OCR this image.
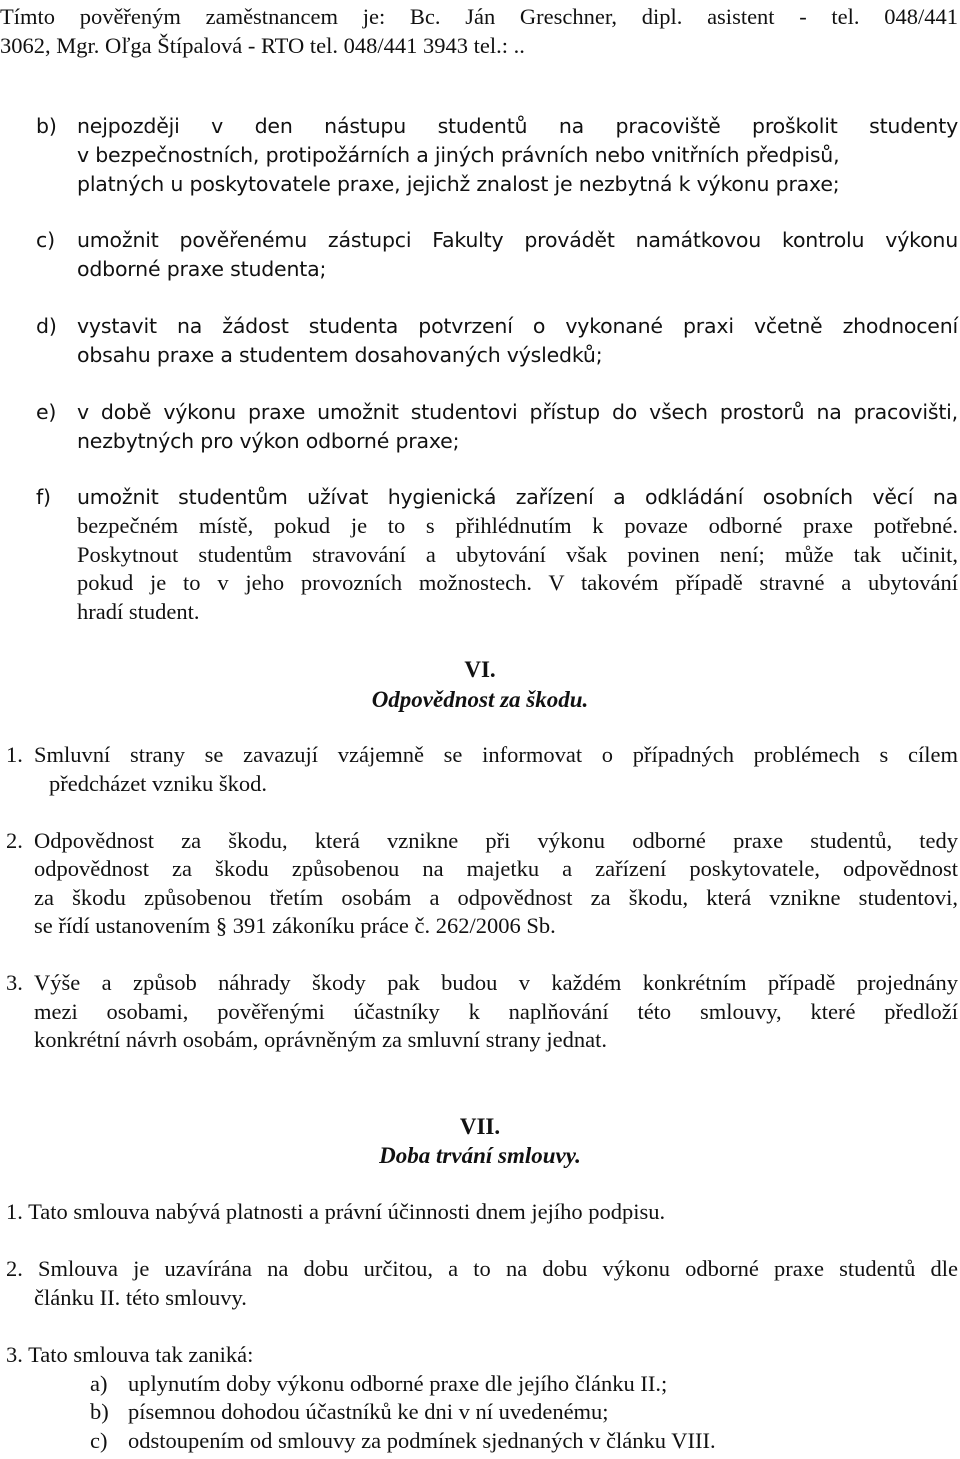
Tímto pověřeným zaměstnancem je: Bc. Ján Greschner, dipl. asistent - tel. 048/441
3062, Mgr. Oľga Štípalová - RTO tel. 048/441 3943 tel.: ..
b) nejpozději v den nástupu studentů na pracoviště proškolit studenty
v bezpečnostních, protipožárních a jiných právních nebo vnitřních předpisů,
platných u poskytovatele praxe, jejichž znalost je nezbytná k výkonu praxe;
c) umožnit pověřenému zástupci Fakulty provádět namátkovou kontrolu výkonu
odborné praxe studenta;
d) vystavit na žádost studenta potvrzení o vykonané praxi včetně zhodnocení
obsahu praxe a studentem dosahovaných výsledků;
e) v době výkonu praxe umožnit studentovi přístup do všech prostorů na pracovišti,
nezbytných pro výkon odborné praxe;
f) umožnit studentům užívat hygienická zařízení a odkládání osobních věcí na
bezpečném místě, pokud je to s přihlédnutím k povaze odborné praxe potřebné.
Poskytnout studentům stravování a ubytování však povinen není; může tak učinit,
pokud je to v jeho provozních možnostech. V takovém případě stravné a ubytování
hradí student.
VI.
Odpovědnost za škodu.
1. Smluvní strany se zavazují vzájemně se informovat o případných problémech s cílem
předcházet vzniku škod.
2. Odpovědnost za škodu, která vznikne při výkonu odborné praxe studentů, tedy
odpovědnost za škodu způsobenou na majetku a zařízení poskytovatele, odpovědnost
za škodu způsobenou třetím osobám a odpovědnost za škodu, která vznikne studentovi,
se řídí ustanovením § 391 zákoníku práce č. 262/2006 Sb.
3. Výše a způsob náhrady škody pak budou v každém konkrétním případě projednány
mezi osobami, pověřenými účastníky k naplňování této smlouvy, které předloží
konkrétní návrh osobám, oprávněným za smluvní strany jednat.
VII.
Doba trvání smlouvy.
1. Tato smlouva nabývá platnosti a právní účinnosti dnem jejího podpisu.
2. Smlouva je uzavírána na dobu určitou, a to na dobu výkonu odborné praxe studentů dle
článku II. této smlouvy.
3. Tato smlouva tak zaniká:
a) uplynutím doby výkonu odborné praxe dle jejího článku II.;
b) písemnou dohodou účastníků ke dni v ní uvedenému;
c) odstoupením od smlouvy za podmínek sjednaných v článku VIII.
